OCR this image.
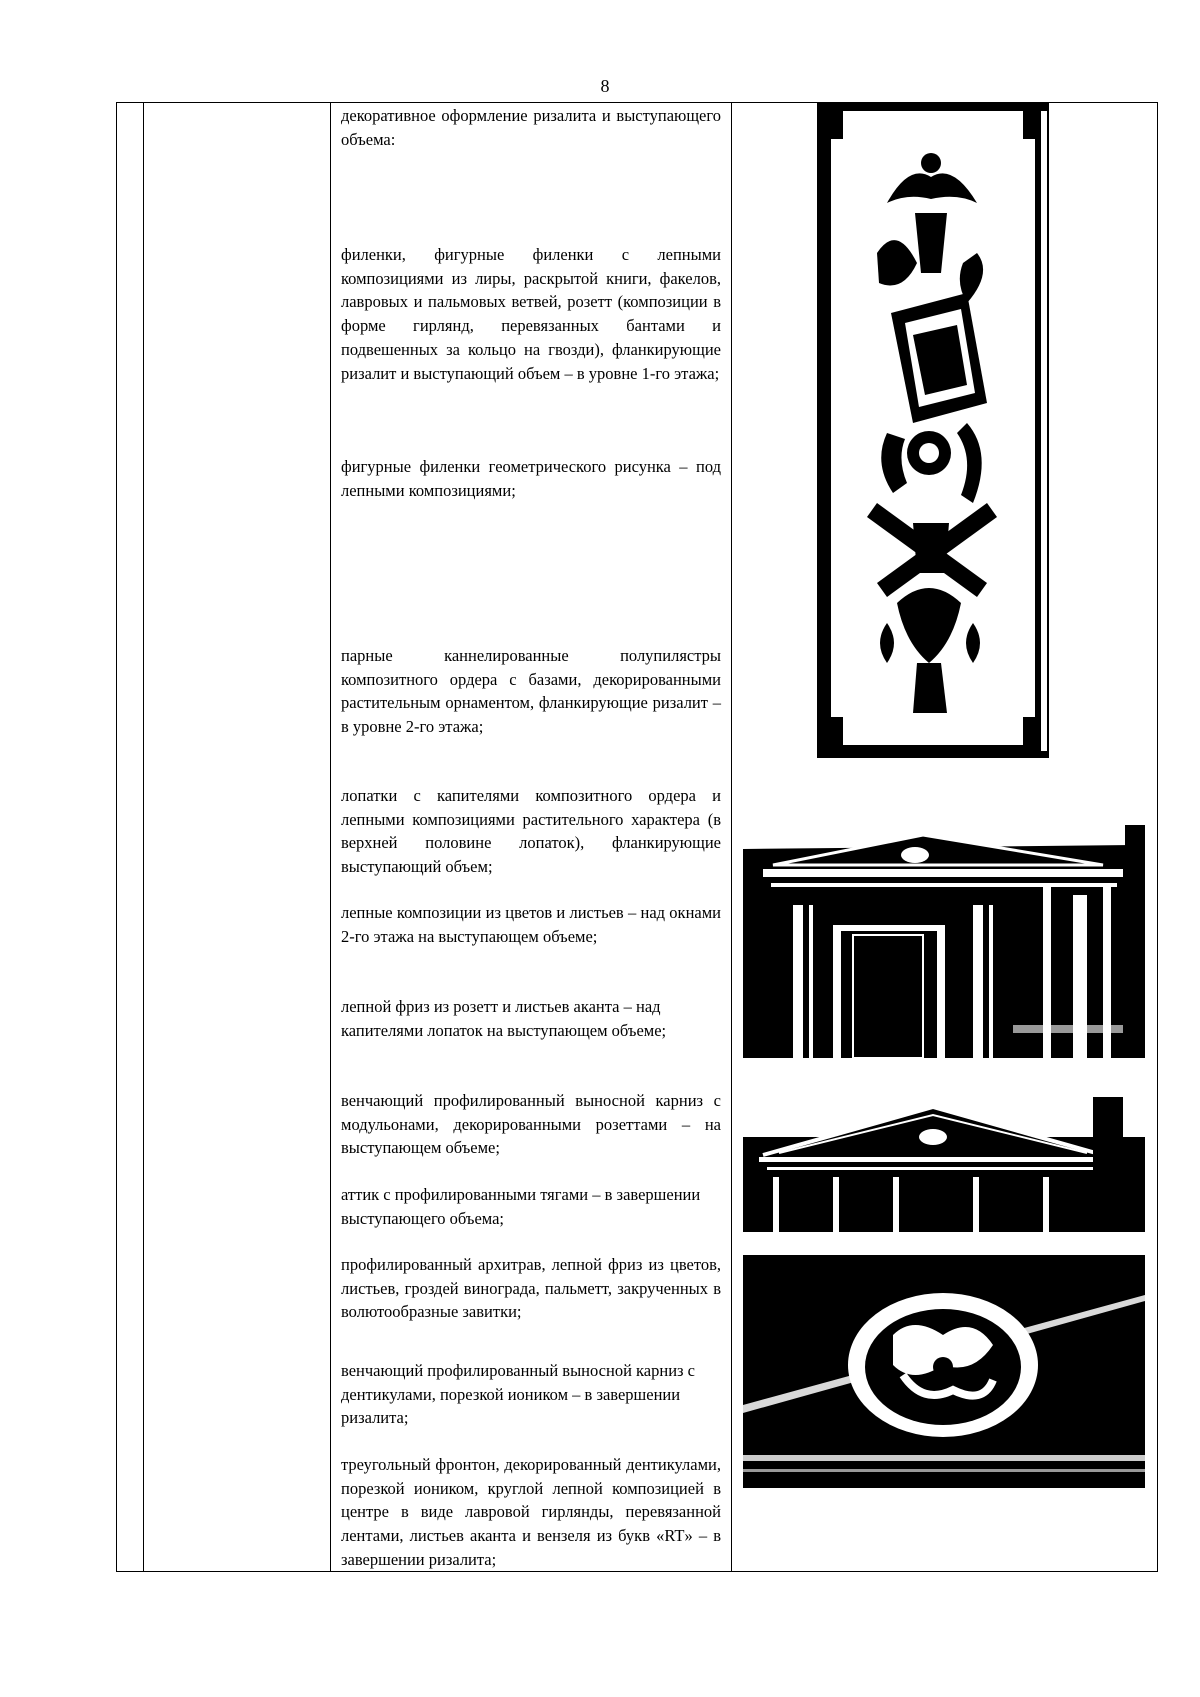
8

декоративное оформление ризалита и выступающего объема:

филенки, фигурные филенки с лепными композициями из лиры, раскрытой книги, факелов, лавровых и пальмовых ветвей, розетт (композиции в форме гирлянд, перевязанных бантами и подвешенных за кольцо на гвозди), фланкирующие ризалит и выступающий объем – в уровне 1-го этажа;

фигурные филенки геометрического рисунка – под лепными композициями;

парные каннелированные полупилястры композитного ордера с базами, декорированными растительным орнаментом, фланкирующие ризалит – в уровне 2-го этажа;

лопатки с капителями композитного ордера и лепными композициями растительного характера (в верхней половине лопаток), фланкирующие выступающий объем;

лепные композиции из цветов и листьев – над окнами 2-го этажа на выступающем объеме;

лепной фриз из розетт и листьев аканта – над капителями лопаток на выступающем объеме;

венчающий профилированный выносной карниз с модульонами, декорированными розеттами – на выступающем объеме;

аттик с профилированными тягами – в завершении выступающего объема;

профилированный архитрав, лепной фриз из цветов, листьев, гроздей винограда, пальметт, закрученных в волютообразные завитки;

венчающий профилированный выносной карниз с дентикулами, порезкой иоником – в завершении ризалита;

треугольный фронтон, декорированный дентикулами, порезкой иоником, круглой лепной композицией в центре в виде лавровой гирлянды, перевязанной лентами, листьев аканта и вензеля из букв «RT» – в завершении ризалита;
